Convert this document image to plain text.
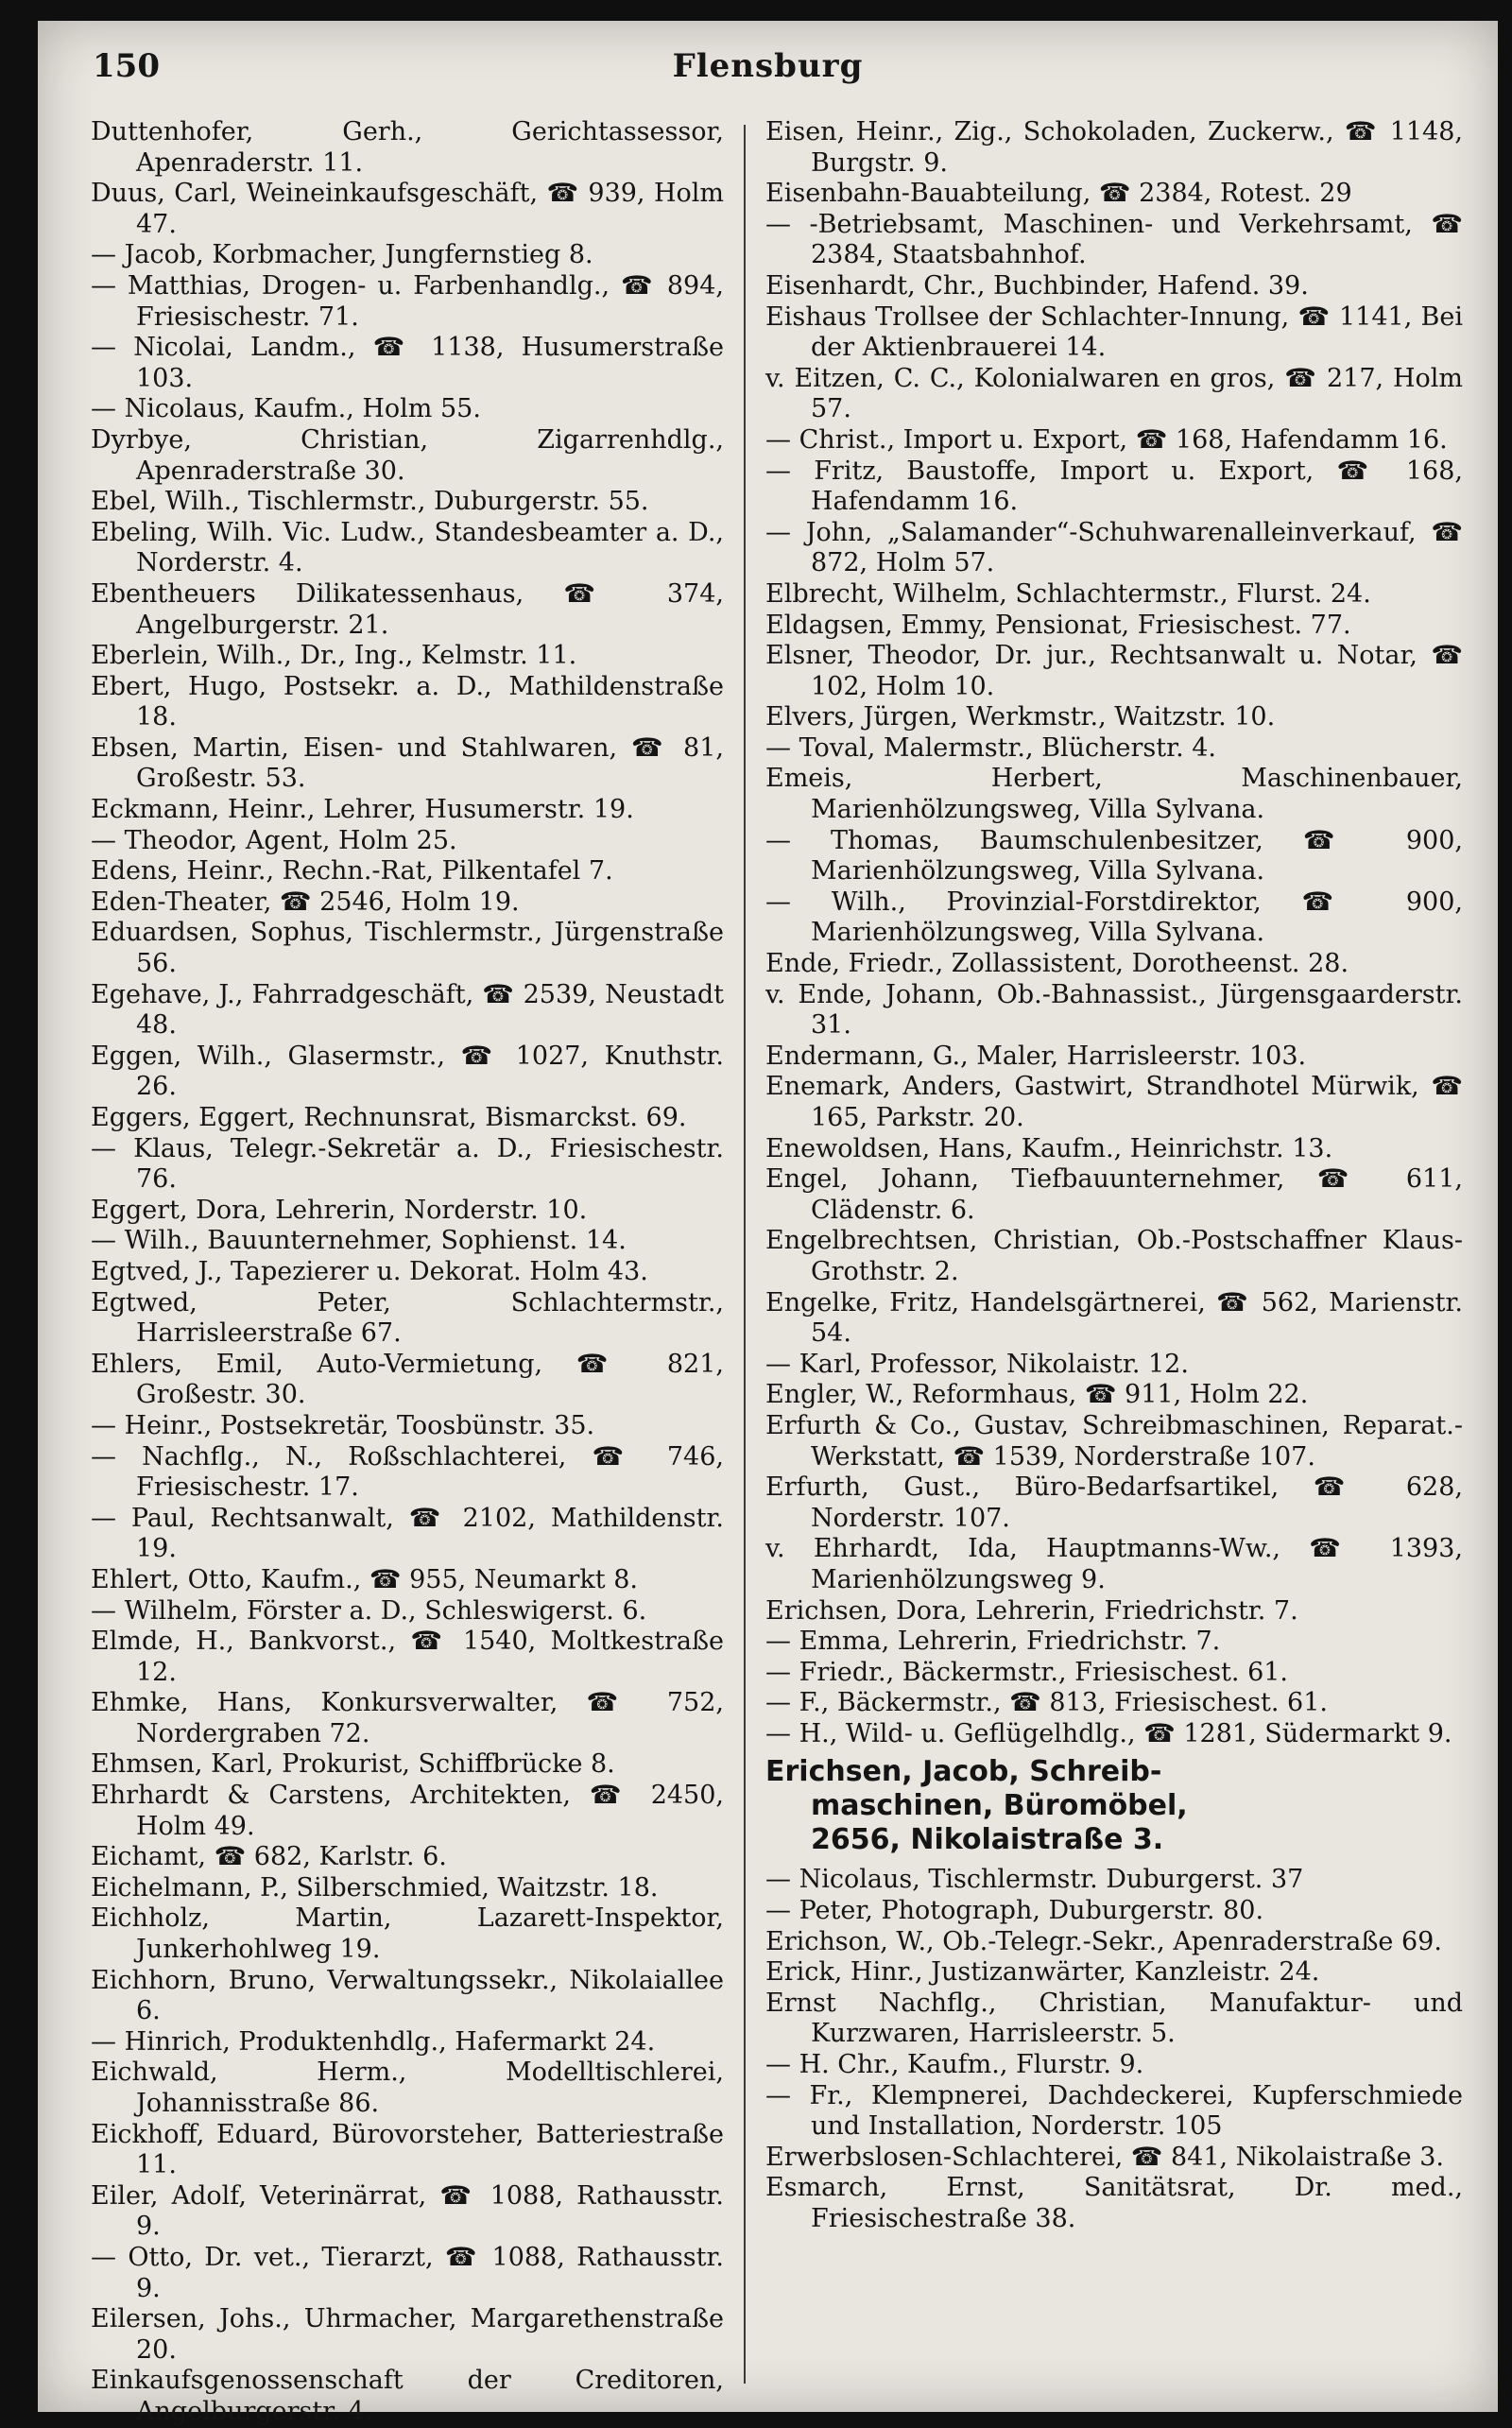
150	Flensburg
Duttenhofer, Gerh., Gerichtassessor, Apenraderstr. 11.
Duus, Carl, Weineinkaufsgeschäft, ☎ 939, Holm 47.
— Jacob, Korbmacher, Jungfernstieg 8.
— Matthias, Drogen- u. Farbenhandlg., ☎ 894, Friesischestr. 71.
— Nicolai, Landm., ☎ 1138, Husumerstraße 103.
— Nicolaus, Kaufm., Holm 55.
Dyrbye, Christian, Zigarrenhdlg., Apenraderstraße 30.
Ebel, Wilh., Tischlermstr., Duburgerstr. 55.
Ebeling, Wilh. Vic. Ludw., Standesbeamter a. D., Norderstr. 4.
Ebentheuers Dilikatessenhaus, ☎ 374, Angelburgerstr. 21.
Eberlein, Wilh., Dr., Ing., Kelmstr. 11.
Ebert, Hugo, Postsekr. a. D., Mathildenstraße 18.
Ebsen, Martin, Eisen- und Stahlwaren, ☎ 81, Großestr. 53.
Eckmann, Heinr., Lehrer, Husumerstr. 19.
— Theodor, Agent, Holm 25.
Edens, Heinr., Rechn.-Rat, Pilkentafel 7.
Eden-Theater, ☎ 2546, Holm 19.
Eduardsen, Sophus, Tischlermstr., Jürgenstraße 56.
Egehave, J., Fahrradgeschäft, ☎ 2539, Neustadt 48.
Eggen, Wilh., Glasermstr., ☎ 1027, Knuthstr. 26.
Eggers, Eggert, Rechnunsrat, Bismarckst. 69.
— Klaus, Telegr.-Sekretär a. D., Friesischestr. 76.
Eggert, Dora, Lehrerin, Norderstr. 10.
— Wilh., Bauunternehmer, Sophienst. 14.
Egtved, J., Tapezierer u. Dekorat. Holm 43.
Egtwed, Peter, Schlachtermstr., Harrisleerstraße 67.
Ehlers, Emil, Auto-Vermietung, ☎ 821, Großestr. 30.
— Heinr., Postsekretär, Toosbünstr. 35.
— Nachflg., N., Roßschlachterei, ☎ 746, Friesischestr. 17.
— Paul, Rechtsanwalt, ☎ 2102, Mathildenstr. 19.
Ehlert, Otto, Kaufm., ☎ 955, Neumarkt 8.
— Wilhelm, Förster a. D., Schleswigerst. 6.
Elmde, H., Bankvorst., ☎ 1540, Moltkestraße 12.
Ehmke, Hans, Konkursverwalter, ☎ 752, Nordergraben 72.
Ehmsen, Karl, Prokurist, Schiffbrücke 8.
Ehrhardt & Carstens, Architekten, ☎ 2450, Holm 49.
Eichamt, ☎ 682, Karlstr. 6.
Eichelmann, P., Silberschmied, Waitzstr. 18.
Eichholz, Martin, Lazarett-Inspektor, Junkerhohlweg 19.
Eichhorn, Bruno, Verwaltungssekr., Nikolaiallee 6.
— Hinrich, Produktenhdlg., Hafermarkt 24.
Eichwald, Herm., Modelltischlerei, Johannisstraße 86.
Eickhoff, Eduard, Bürovorsteher, Batteriestraße 11.
Eiler, Adolf, Veterinärrat, ☎ 1088, Rathausstr. 9.
— Otto, Dr. vet., Tierarzt, ☎ 1088, Rathausstr. 9.
Eilersen, Johs., Uhrmacher, Margarethenstraße 20.
Einkaufsgenossenschaft der Creditoren, Angelburgerstr. 4.
Eisen, Heinr., Zig., Schokoladen, Zuckerw., ☎ 1148, Burgstr. 9.
Eisenbahn-Bauabteilung, ☎ 2384, Rotest. 29
— -Betriebsamt, Maschinen- und Verkehrsamt, ☎ 2384, Staatsbahnhof.
Eisenhardt, Chr., Buchbinder, Hafend. 39.
Eishaus Trollsee der Schlachter-Innung, ☎ 1141, Bei der Aktienbrauerei 14.
v. Eitzen, C. C., Kolonialwaren en gros, ☎ 217, Holm 57.
— Christ., Import u. Export, ☎ 168, Hafendamm 16.
— Fritz, Baustoffe, Import u. Export, ☎ 168, Hafendamm 16.
— John, „Salamander“-Schuhwarenalleinverkauf, ☎ 872, Holm 57.
Elbrecht, Wilhelm, Schlachtermstr., Flurst. 24.
Eldagsen, Emmy, Pensionat, Friesischest. 77.
Elsner, Theodor, Dr. jur., Rechtsanwalt u. Notar, ☎ 102, Holm 10.
Elvers, Jürgen, Werkmstr., Waitzstr. 10.
— Toval, Malermstr., Blücherstr. 4.
Emeis, Herbert, Maschinenbauer, Marienhölzungsweg, Villa Sylvana.
— Thomas, Baumschulenbesitzer, ☎ 900, Marienhölzungsweg, Villa Sylvana.
— Wilh., Provinzial-Forstdirektor, ☎ 900, Marienhölzungsweg, Villa Sylvana.
Ende, Friedr., Zollassistent, Dorotheenst. 28.
v. Ende, Johann, Ob.-Bahnassist., Jürgensgaarderstr. 31.
Endermann, G., Maler, Harrisleerstr. 103.
Enemark, Anders, Gastwirt, Strandhotel Mürwik, ☎ 165, Parkstr. 20.
Enewoldsen, Hans, Kaufm., Heinrichstr. 13.
Engel, Johann, Tiefbauunternehmer, ☎ 611, Clädenstr. 6.
Engelbrechtsen, Christian, Ob.-Postschaffner Klaus-Grothstr. 2.
Engelke, Fritz, Handelsgärtnerei, ☎ 562, Marienstr. 54.
— Karl, Professor, Nikolaistr. 12.
Engler, W., Reformhaus, ☎ 911, Holm 22.
Erfurth & Co., Gustav, Schreibmaschinen, Reparat.-Werkstatt, ☎ 1539, Norderstraße 107.
Erfurth, Gust., Büro-Bedarfsartikel, ☎ 628, Norderstr. 107.
v. Ehrhardt, Ida, Hauptmanns-Ww., ☎ 1393, Marienhölzungsweg 9.
Erichsen, Dora, Lehrerin, Friedrichstr. 7.
— Emma, Lehrerin, Friedrichstr. 7.
— Friedr., Bäckermstr., Friesischest. 61.
— F., Bäckermstr., ☎ 813, Friesischest. 61.
— H., Wild- u. Geflügelhdlg., ☎ 1281, Südermarkt 9.
Erichsen, Jacob, Schreib-
maschinen, Büromöbel,
2656, Nikolaistraße 3.
— Nicolaus, Tischlermstr. Duburgerst. 37
— Peter, Photograph, Duburgerstr. 80.
Erichson, W., Ob.-Telegr.-Sekr., Apenraderstraße 69.
Erick, Hinr., Justizanwärter, Kanzleistr. 24.
Ernst Nachflg., Christian, Manufaktur- und Kurzwaren, Harrisleerstr. 5.
— H. Chr., Kaufm., Flurstr. 9.
— Fr., Klempnerei, Dachdeckerei, Kupferschmiede und Installation, Norderstr. 105
Erwerbslosen-Schlachterei, ☎ 841, Nikolaistraße 3.
Esmarch, Ernst, Sanitätsrat, Dr. med., Friesischestraße 38.
